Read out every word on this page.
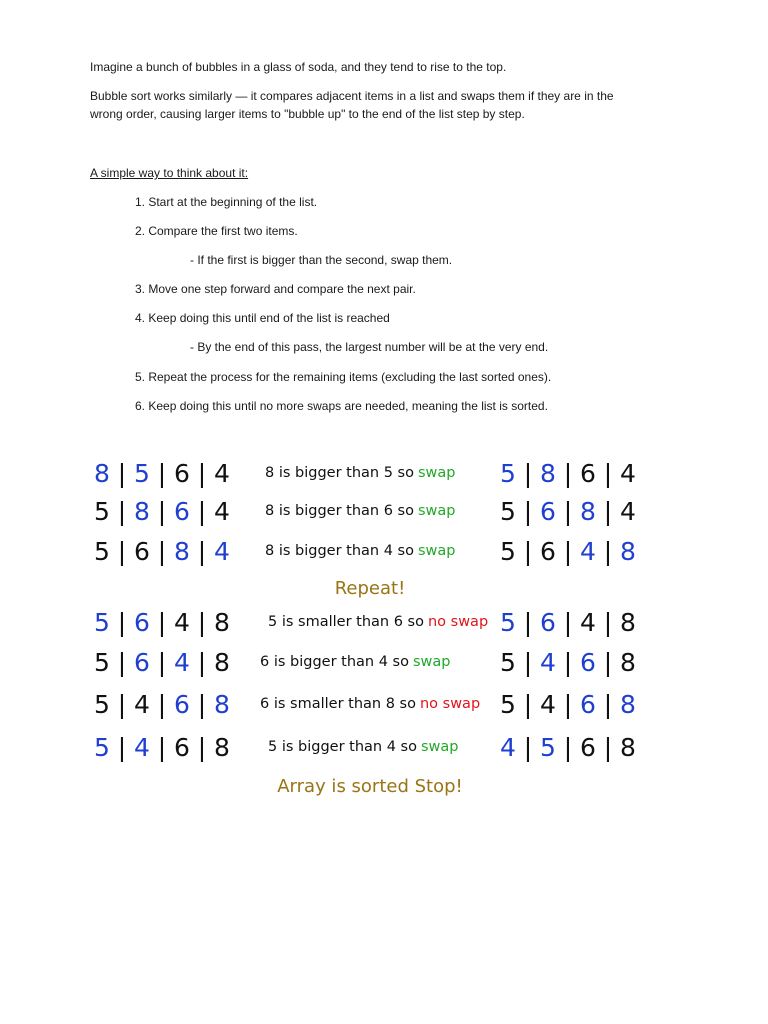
Imagine a bunch of bubbles in a glass of soda, and they tend to rise to the top.
Bubble sort works similarly — it compares adjacent items in a list and swaps them if they are in the
wrong order, causing larger items to "bubble up" to the end of the list step by step.
A simple way to think about it:
1. Start at the beginning of the list.
2. Compare the first two items.
- If the first is bigger than the second, swap them.
3. Move one step forward and compare the next pair.
4. Keep doing this until end of the list is reached
- By the end of this pass, the largest number will be at the very end.
5. Repeat the process for the remaining items (excluding the last sorted ones).
6. Keep doing this until no more swaps are needed, meaning the list is sorted.
8 | 5 | 6 | 4 8 is bigger than 5 so swap 5 | 8 | 6 | 4
5 | 8 | 6 | 4 8 is bigger than 6 so swap 5 | 6 | 8 | 4
5 | 6 | 8 | 4 8 is bigger than 4 so swap 5 | 6 | 4 | 8
5 | 6 | 4 | 8	5 is smaller than 6 so no swap 5 | 6 | 4 | 8
5 | 6 | 4 | 8 6 is bigger than 4 so swap 5 | 4 | 6 | 8
5 | 4 | 6 | 8 6 is smaller than 8 so no swap 5 | 4 | 6 | 8
5 | 4 | 6 | 8	5 is bigger than 4 so swap 4 | 5 | 6 | 8
Repeat!
Array is sorted Stop!
